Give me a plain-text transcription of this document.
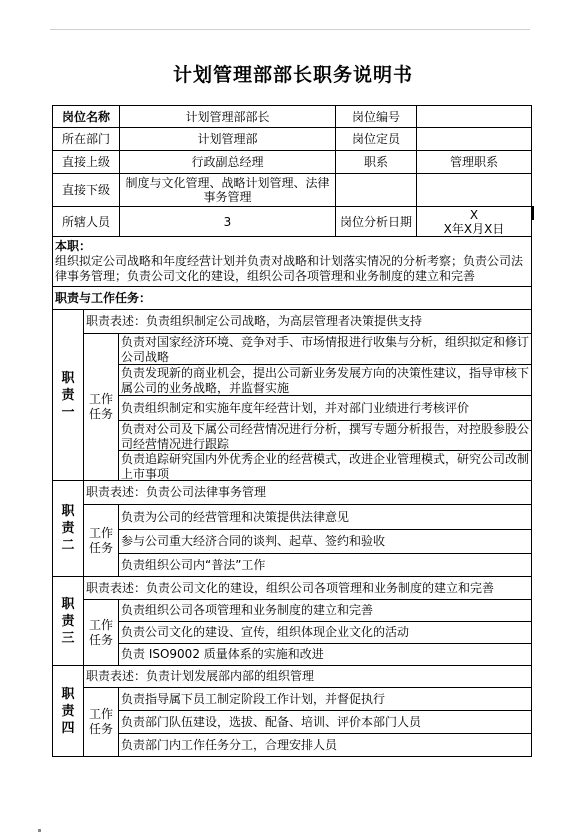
计划管理部部长职务说明书
岗位名称	计划管理部部长	岗位编号
所在部门	计划管理部	岗位定员
直接上级	行政副总经理	职系	管理职系
直接下级	制度与文化管理、战略计划管理、法律事务管理
所辖人员	3	岗位分析日期	X
X年X月X日
本职：
组织拟定公司战略和年度经营计划并负责对战略和计划落实情况的分析考察；负责公司法律事务管理；负责公司文化的建设，组织公司各项管理和业务制度的建立和完善
职责与工作任务：
职责一
职责表述：负责组织制定公司战略，为高层管理者决策提供支持
工作任务
负责对国家经济环境、竞争对手、市场情报进行收集与分析，组织拟定和修订公司战略
负责发现新的商业机会，提出公司新业务发展方向的决策性建议，指导审核下属公司的业务战略，并监督实施
负责组织制定和实施年度年经营计划，并对部门业绩进行考核评价
负责对公司及下属公司经营情况进行分析，撰写专题分析报告，对控股参股公司经营情况进行跟踪
负责追踪研究国内外优秀企业的经营模式，改进企业管理模式，研究公司改制上市事项
职责二
职责表述：负责公司法律事务管理
工作任务
负责为公司的经营管理和决策提供法律意见
参与公司重大经济合同的谈判、起草、签约和验收
负责组织公司内“普法”工作
职责三
职责表述：负责公司文化的建设，组织公司各项管理和业务制度的建立和完善
工作任务
负责组织公司各项管理和业务制度的建立和完善
负责公司文化的建设、宣传，组织体现企业文化的活动
负责 ISO9002 质量体系的实施和改进
职责四
职责表述：负责计划发展部内部的组织管理
工作任务
负责指导属下员工制定阶段工作计划，并督促执行
负责部门队伍建设，选拔、配备、培训、评价本部门人员
负责部门内工作任务分工，合理安排人员
